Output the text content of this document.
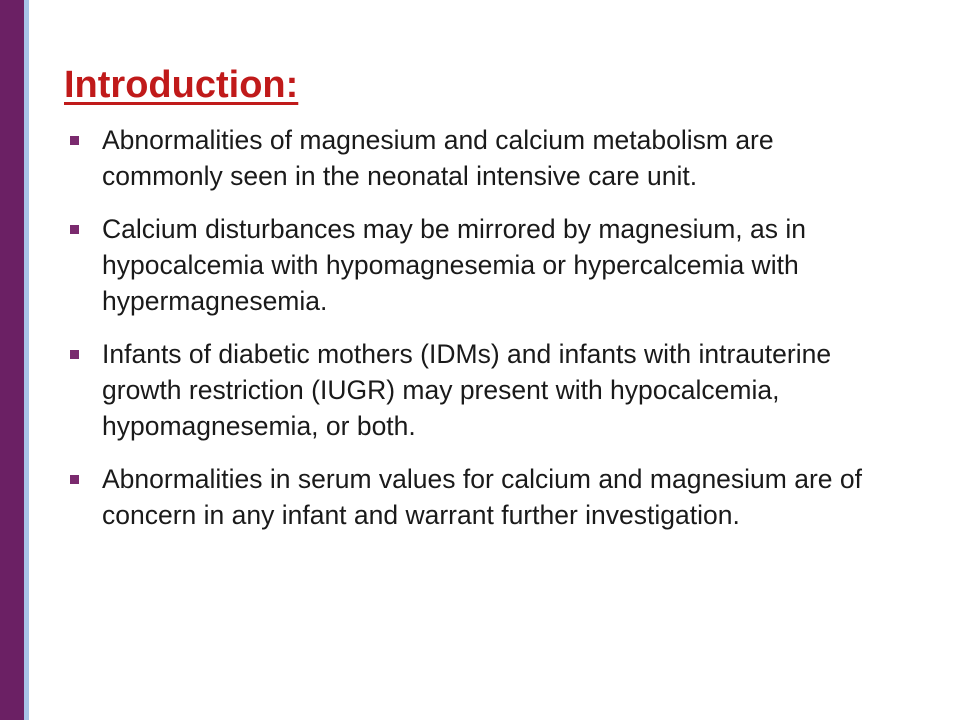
Introduction:
Abnormalities of magnesium and calcium metabolism are commonly seen in the neonatal intensive care unit.
Calcium disturbances may be mirrored by magnesium, as in hypocalcemia with hypomagnesemia or hypercalcemia with hypermagnesemia.
Infants of diabetic mothers (IDMs) and infants with intrauterine growth restriction (IUGR) may present with hypocalcemia, hypomagnesemia, or both.
Abnormalities in serum values for calcium and magnesium are of concern in any infant and warrant further investigation.
